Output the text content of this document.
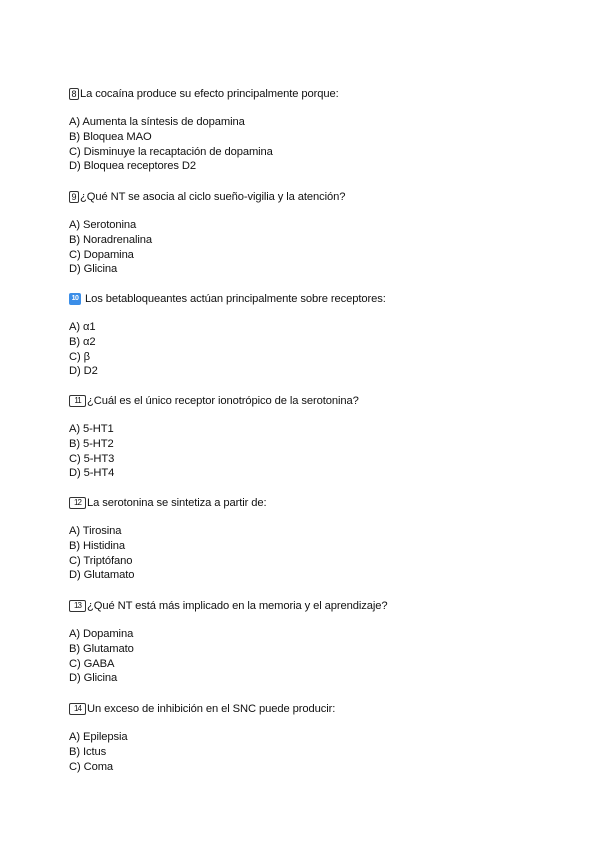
8 La cocaína produce su efecto principalmente porque:
A) Aumenta la síntesis de dopamina
B) Bloquea MAO
C) Disminuye la recaptación de dopamina
D) Bloquea receptores D2
9 ¿Qué NT se asocia al ciclo sueño-vigilia y la atención?
A) Serotonina
B) Noradrenalina
C) Dopamina
D) Glicina
10 Los betabloqueantes actúan principalmente sobre receptores:
A) α1
B) α2
C) β
D) D2
11 ¿Cuál es el único receptor ionotrópico de la serotonina?
A) 5-HT1
B) 5-HT2
C) 5-HT3
D) 5-HT4
12 La serotonina se sintetiza a partir de:
A) Tirosina
B) Histidina
C) Triptófano
D) Glutamato
13 ¿Qué NT está más implicado en la memoria y el aprendizaje?
A) Dopamina
B) Glutamato
C) GABA
D) Glicina
14 Un exceso de inhibición en el SNC puede producir:
A) Epilepsia
B) Ictus
C) Coma
